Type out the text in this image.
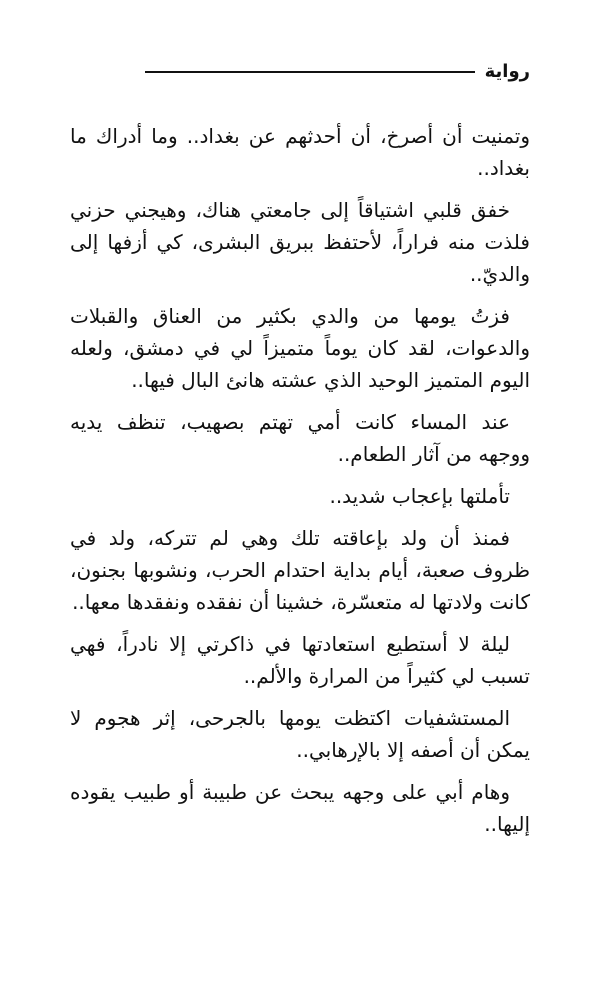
رواية

وتمنيت أن أصرخ، أن أحدثهم عن بغداد.. وما أدراك ما بغداد..

خفق قلبي اشتياقاً إلى جامعتي هناك، وهيجني حزني فلذت منه فراراً، لأحتفظ ببريق البشرى، كي أزفها إلى والديّ..

فزتُ يومها من والدي بكثير من العناق والقبلات والدعوات، لقد كان يوماً متميزاً لي في دمشق، ولعله اليوم المتميز الوحيد الذي عشته هانئ البال فيها..

عند المساء كانت أمي تهتم بصهيب، تنظف يديه ووجهه من آثار الطعام..

تأملتها بإعجاب شديد..

فمنذ أن ولد بإعاقته تلك وهي لم تتركه، ولد في ظروف صعبة، أيام بداية احتدام الحرب، ونشوبها بجنون، كانت ولادتها له متعسّرة، خشينا أن نفقده ونفقدها معها..

ليلة لا أستطيع استعادتها في ذاكرتي إلا نادراً، فهي تسبب لي كثيراً من المرارة والألم..

المستشفيات اكتظت يومها بالجرحى، إثر هجوم لا يمكن أن أصفه إلا بالإرهابي..

وهام أبي على وجهه يبحث عن طبيبة أو طبيب يقوده إليها..
